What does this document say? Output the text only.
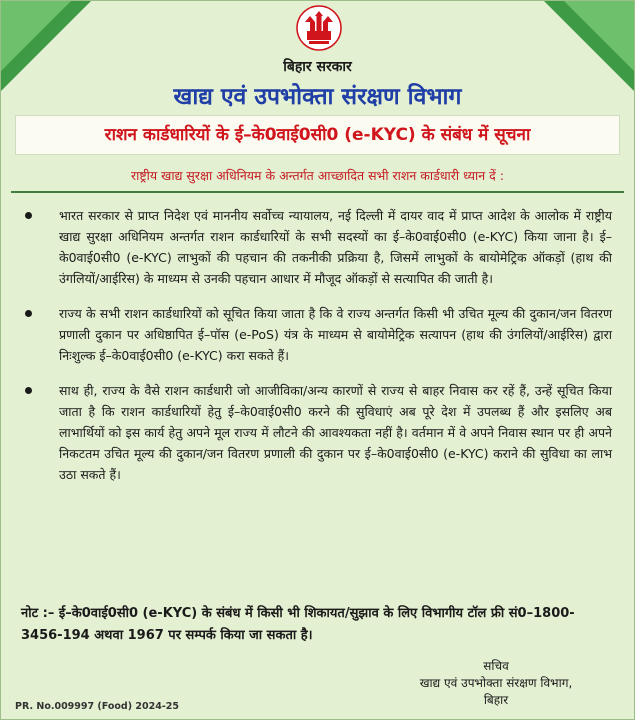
बिहार सरकार
खाद्य एवं उपभोक्ता संरक्षण विभाग
राशन कार्डधारियों के ई–के0वाई0सी0 (e-KYC) के संबंध में सूचना
राष्ट्रीय खाद्य सुरक्षा अधिनियम के अन्तर्गत आच्छादित सभी राशन कार्डधारी ध्यान दें :
भारत सरकार से प्राप्त निदेश एवं माननीय सर्वोच्च न्यायालय, नई दिल्ली में दायर वाद में प्राप्त आदेश के आलोक में राष्ट्रीय खाद्य सुरक्षा अधिनियम अन्तर्गत राशन कार्डधारियों के सभी सदस्यों का ई–के0वाई0सी0 (e-KYC) किया जाना है। ई–के0वाई0सी0 (e-KYC) लाभुकों की पहचान की तकनीकी प्रक्रिया है, जिसमें लाभुकों के बायोमेट्रिक ऑकड़ों (हाथ की उंगलियों/आईरिस) के माध्यम से उनकी पहचान आधार में मौजूद ऑकड़ों से सत्यापित की जाती है।
राज्य के सभी राशन कार्डधारियों को सूचित किया जाता है कि वे राज्य अन्तर्गत किसी भी उचित मूल्य की दुकान/जन वितरण प्रणाली दुकान पर अधिष्ठापित ई–पॉस (e-PoS) यंत्र के माध्यम से बायोमेट्रिक सत्यापन (हाथ की उंगलियों/आईरिस) द्वारा निःशुल्क ई–के0वाई0सी0 (e-KYC) करा सकते हैं।
साथ ही, राज्य के वैसे राशन कार्डधारी जो आजीविका/अन्य कारणों से राज्य से बाहर निवास कर रहें हैं, उन्हें सूचित किया जाता है कि राशन कार्डधारियों हेतु ई–के0वाई0सी0 करने की सुविधाएं अब पूरे देश में उपलब्ध हैं और इसलिए अब लाभार्थियों को इस कार्य हेतु अपने मूल राज्य में लौटने की आवश्यकता नहीं है। वर्तमान में वे अपने निवास स्थान पर ही अपने निकटतम उचित मूल्य की दुकान/जन वितरण प्रणाली की दुकान पर ई–के0वाई0सी0 (e-KYC) कराने की सुविधा का लाभ उठा सकते हैं।
नोट :– ई–के0वाई0सी0 (e-KYC) के संबंध में किसी भी शिकायत/सुझाव के लिए विभागीय टॉल फ्री सं0–1800-3456-194 अथवा 1967 पर सम्पर्क किया जा सकता है।
सचिव
खाद्य एवं उपभोक्ता संरक्षण विभाग,
बिहार
PR. No.009997 (Food) 2024-25
